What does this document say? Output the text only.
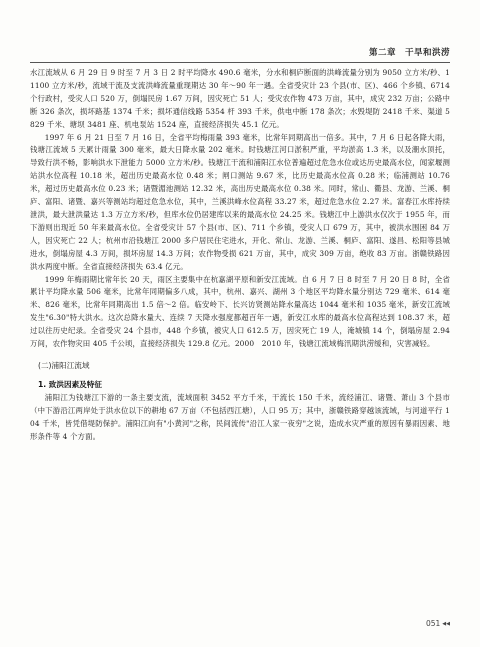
第二章　干旱和洪涝

水江流域从 6 月 29 日 9 时至 7 月 3 日 2 时平均降水 490.6 毫米，分水和桐庐断面的洪峰流量分别为 9050 立方米/秒、11100 立方米/秒，流域干流及支流洪峰流量重现期达 30 年～90 年一遇。全省受灾计 23 个县(市、区)、466 个乡镇、6714 个行政村，受灾人口 520 万，倒塌民房 1.67 万间，因灾死亡 51 人；受灾农作物 473 万亩，其中，成灾 232 万亩；公路中断 326 条次，损坏路基 1374 千米；损坏通信线路 5354 杆 393 千米，供电中断 178 条次；水毁堤防 2418 千米、渠道 5829 千米、塘坝 3481 座、机电泵站 1524 座，直接经济损失 45.1 亿元。

1997 年 6 月 21 日至 7 月 16 日，全省平均梅雨量 393 毫米，比常年同期高出一倍多。其中，7 月 6 日起各降大雨，钱塘江流域 5 天累计雨量 300 毫米，最大日降水量 202 毫米。时钱塘江河口淤积严重，平均淤高 1.3 米，以及潮水顶托，导致行洪不畅，影响洪水下泄能力 5000 立方米/秒。钱塘江干流和浦阳江水位普遍超过危急水位或达历史最高水位，闻家堰测站洪水位高程 10.18 米，超出历史最高水位 0.48 米；闸口测站 9.67 米，比历史最高水位高 0.28 米；临浦测站 10.76 米，超过历史最高水位 0.23 米；诸暨湄池测站 12.32 米，高出历史最高水位 0.38 米。同时，常山、衢县、龙游、兰溪、桐庐、富阳、诸暨、嘉兴等测站均超过危急水位，其中，兰溪洪峰水位高程 33.27 米，超过危急水位 2.27 米。富春江水库持续泄洪，最大泄洪量达 1.3 万立方米/秒，但库水位仍居建库以来的最高水位 24.25 米。钱塘江中上游洪水仅次于 1955 年，而下游则出现近 50 年来最高水位。全省受灾计 57 个县(市、区)、711 个乡镇，受灾人口 679 万，其中，被洪水围困 84 万人，因灾死亡 22 人；杭州市沿钱塘江 2000 多户居民住宅进水，开化、常山、龙游、兰溪、桐庐、富阳、遂昌、松阳等县城进水，倒塌房屋 4.3 万间，损坏房屋 14.3 万间；农作物受损 621 万亩，其中，成灾 309 万亩，绝收 83 万亩。浙赣铁路因洪水两度中断。全省直接经济损失 63.4 亿元。

1999 年梅雨期比常年长 20 天，雨区主要集中在杭嘉湖平原和新安江流域。自 6 月 7 日 8 时至 7 月 20 日 8 时，全省累计平均降水量 506 毫米，比常年同期偏多八成，其中，杭州、嘉兴、湖州 3 个地区平均降水量分别达 729 毫米、614 毫米、826 毫米，比常年同期高出 1.5 倍～2 倍。临安岭下、长兴访贤测站降水量高达 1044 毫米和 1035 毫米，新安江流域发生"6.30"特大洪水。这次总降水量大、连续 7 天降水强度都超百年一遇，新安江水库的最高水位高程达到 108.37 米，超过以往历史纪录。全省受灾 24 个县市，448 个乡镇，被灾人口 612.5 万，因灾死亡 19 人，淹城镇 14 个，倒塌房屋 2.94 万间，农作物灾田 405 千公顷，直接经济损失 129.8 亿元。2000　2010 年，钱塘江流域梅汛期洪涝缓和，灾害减轻。

(二)浦阳江流域
1. 致洪因素及特征

浦阳江为钱塘江下游的一条主要支流，流域面积 3452 平方千米，干流长 150 千米，流经浦江、诸暨、萧山 3 个县市（中下游沿江两岸处于洪水位以下的耕地 67 万亩（不包括西江塘），人口 95 万；其中，浙赣铁路穿越该流域，与河道平行 104 千米，皆凭借堤防保护。浦阳江向有"小黄河"之称，民间流传"沿江人家一夜穷"之说，造成水灾严重的原因有暴雨因素、地形条件等 4 个方面。

051 ◀◀
